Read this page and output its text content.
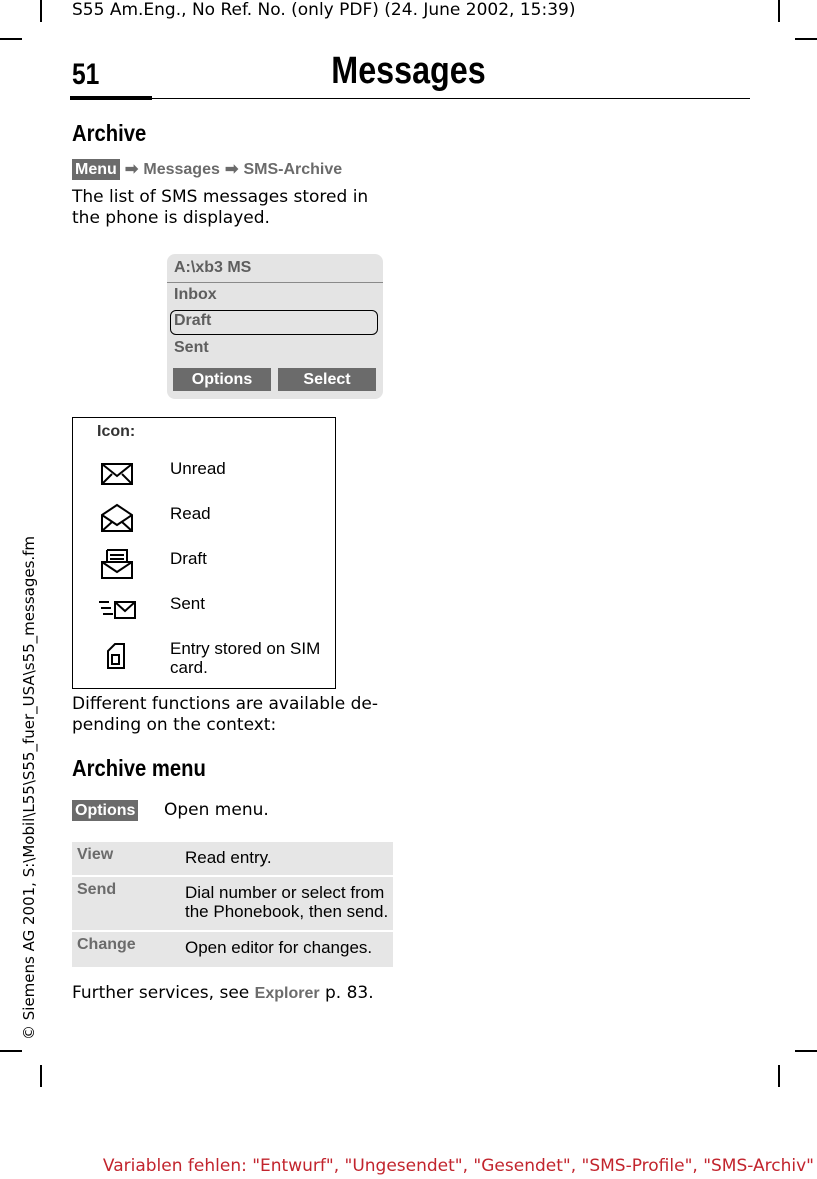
S55 Am.Eng., No Ref. No. (only PDF) (24. June 2002, 15:39)
51	Messages
© Siemens AG 2001, S:\Mobil\L55\S55_fuer_USA\s55_messages.fm
Archive
Menu ➡ Messages ➡ SMS-Archive
The list of SMS messages stored in
the phone is displayed.
A:\xb3 MS
Inbox
Draft
Sent
Options	Select
Icon:
Unread
Read
Draft
Sent
Entry stored on SIM
card.
Different functions are available de-
pending on the context:
Archive menu
Options Open menu.
View	Read entry.
Send	Dial number or select from
the Phonebook, then send.
Change	Open editor for changes.
Further services, see Explorer p. 83.
Variablen fehlen: "Entwurf", "Ungesendet", "Gesendet", "SMS-Profile", "SMS-Archiv"
